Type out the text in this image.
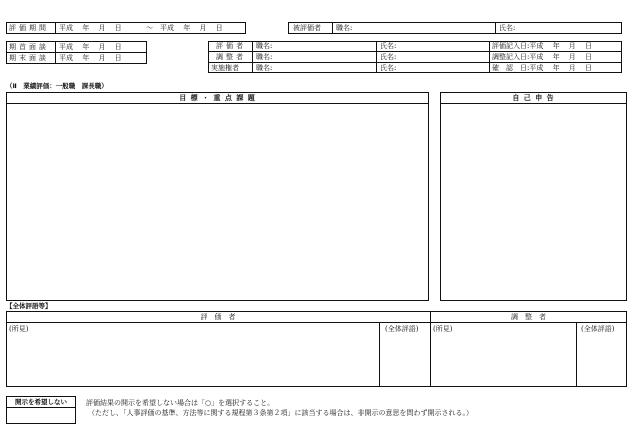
評価期間 平成　 年　 月　 日	～ 平成　 年　 月　 日	被評価者 職名:	氏名:
期首面談 平成　 年　 月　 日
期末面談 平成　 年　 月　 日
評価者 職名:	氏名:	評価記入日:平成　 年　 月　 日
調整者 職名:	氏名:	調整記入日:平成　 年　 月　 日
実施権者 職名:	氏名:	確　認　日:平成　 年　 月　 日
（Ⅱ　業績評価：一般職　課長職）
目 標 ・ 重 点 課 題	自 己 申 告
【全体評語等】
評　価　者	調　整　者
(所見)	(全体評語) (所見)	(全体評語)
開示を希望しない	評価結果の開示を希望しない場合は「○」を選択すること。
（ただし、「人事評価の基準、方法等に関する規程第３条第２項」に該当する場合は、非開示の意思を問わず開示される。）
